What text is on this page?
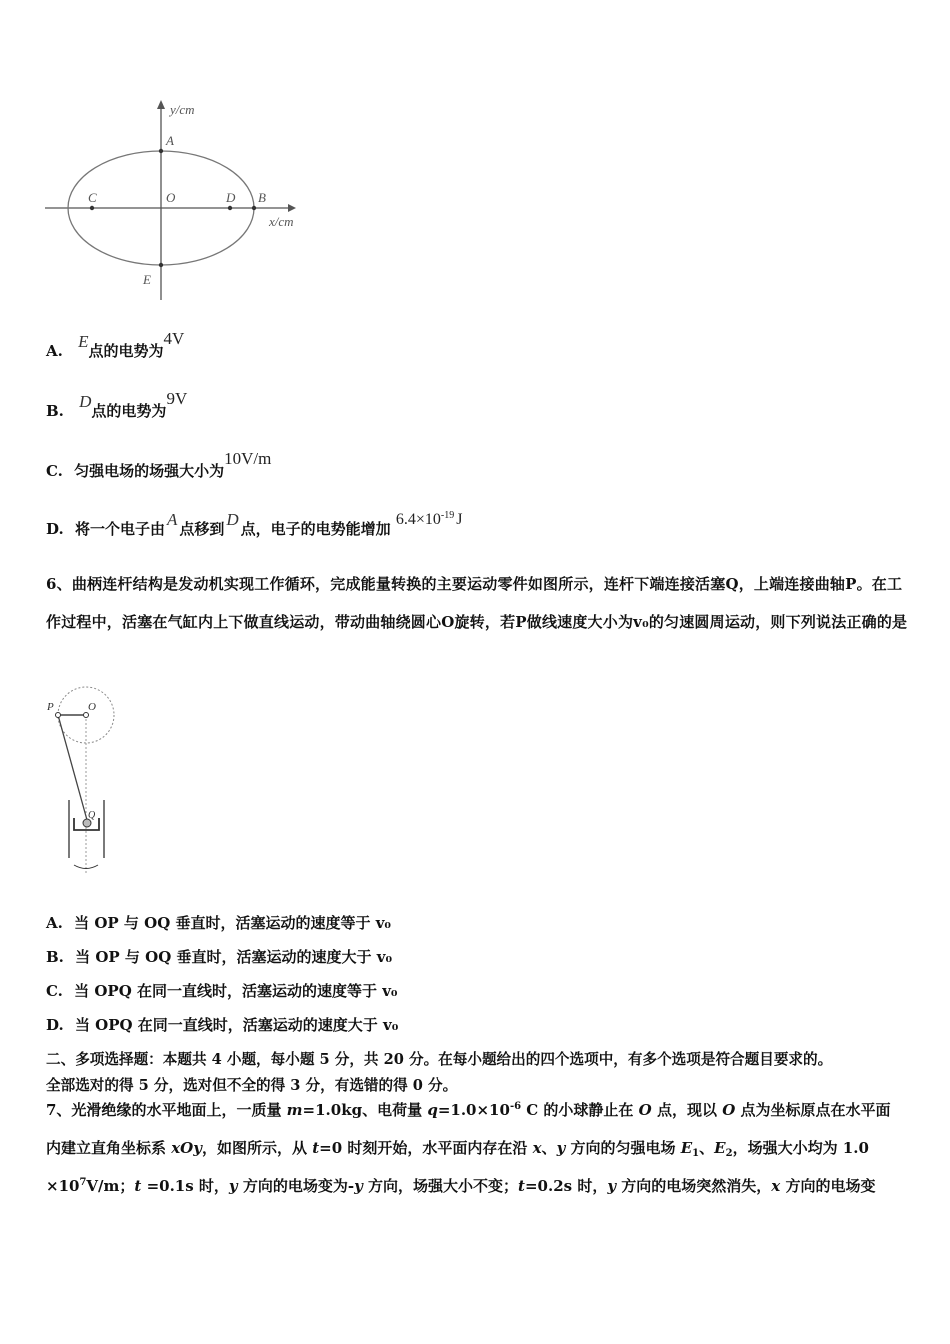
y/cm
x/cm
A
B
C	D
E
O
A. E点的电势为4V
B. D点的电势为9V
C. 匀强电场的场强大小为10V/m
D. 将一个电子由 A 点移到 D 点，电子的电势能增加 $6.4\times 10^{-19}$ J
6、曲柄连杆结构是发动机实现工作循环，完成能量转换的主要运动零件如图所示，连杆下端连接活塞Q，上端连接曲轴P。在工作过程中，活塞在气缸内上下做直线运动，带动曲轴绕圆心O旋转，若P做线速度大小为v₀的匀速圆周运动，则下列说法正确的是
P	O
Q
A. 当 OP 与 OQ 垂直时，活塞运动的速度等于 v₀
B. 当 OP 与 OQ 垂直时，活塞运动的速度大于 v₀
C. 当 OPQ 在同一直线时，活塞运动的速度等于 v₀
D. 当 OPQ 在同一直线时，活塞运动的速度大于 v₀
二、多项选择题：本题共 4 小题，每小题 5 分，共 20 分。在每小题给出的四个选项中，有多个选项是符合题目要求的。
全部选对的得 5 分，选对但不全的得 3 分，有选错的得 0 分。
7、光滑绝缘的水平地面上，一质量 m=1.0kg、电荷量 $q=1.0\times 10^{-6}$ C 的小球静止在 O 点，现以 O 点为坐标原点在水平面
内建立直角坐标系 xOy，如图所示，从 t=0 时刻开始，水平面内存在沿 x、y 方向的匀强电场 $E_1$、$E_2$，场强大小均为 1.0
$\times 10^7V/m$；t =0.1s 时，y 方向的电场变为-y 方向，场强大小不变；t=0.2s 时，y 方向的电场突然消失，x 方向的电场变
